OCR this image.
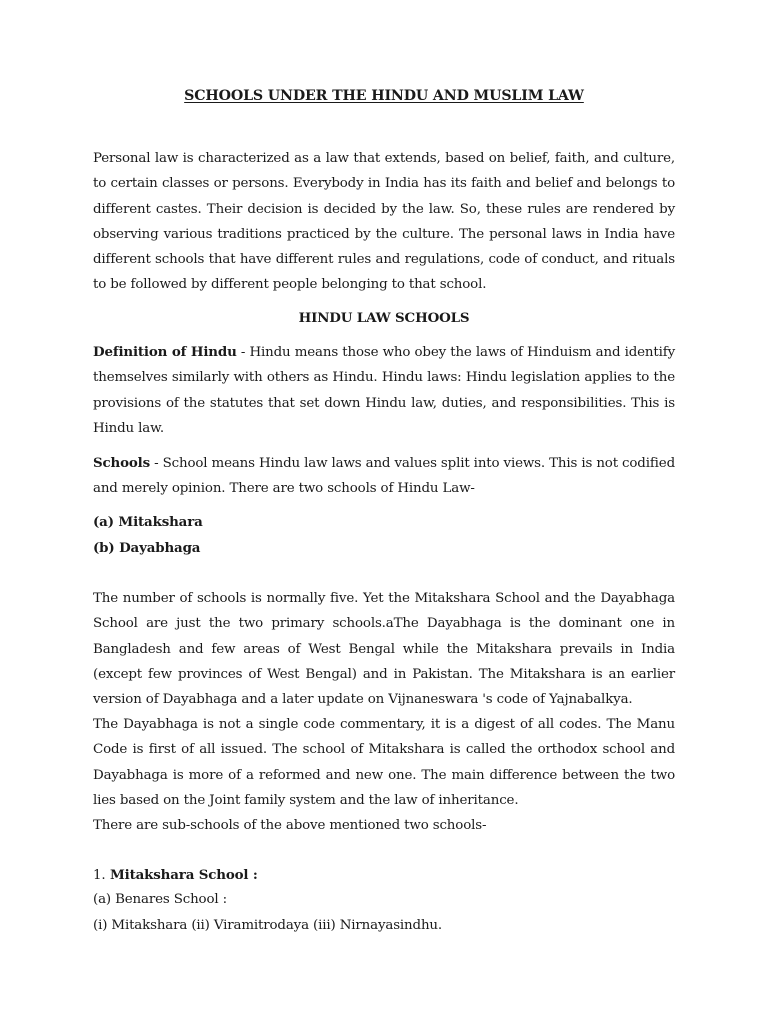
SCHOOLS UNDER THE HINDU AND MUSLIM LAW

Personal law is characterized as a law that extends, based on belief, faith, and culture, to certain classes or persons. Everybody in India has its faith and belief and belongs to different castes. Their decision is decided by the law. So, these rules are rendered by observing various traditions practiced by the culture. The personal laws in India have different schools that have different rules and regulations, code of conduct, and rituals to be followed by different people belonging to that school.

HINDU LAW SCHOOLS

Definition of Hindu - Hindu means those who obey the laws of Hinduism and identify themselves similarly with others as Hindu. Hindu laws: Hindu legislation applies to the provisions of the statutes that set down Hindu law, duties, and responsibilities. This is Hindu law.

Schools - School means Hindu law laws and values split into views. This is not codified and merely opinion. There are two schools of Hindu Law-

(a) Mitakshara

(b) Dayabhaga

The number of schools is normally five. Yet the Mitakshara School and the Dayabhaga School are just the two primary schools.aThe Dayabhaga is the dominant one in Bangladesh and few areas of West Bengal while the Mitakshara prevails in India (except few provinces of West Bengal) and in Pakistan. The Mitakshara is an earlier version of Dayabhaga and a later update on Vijnaneswara 's code of Yajnabalkya.

The Dayabhaga is not a single code commentary, it is a digest of all codes. The Manu Code is first of all issued. The school of Mitakshara is called the orthodox school and Dayabhaga is more of a reformed and new one. The main difference between the two lies based on the Joint family system and the law of inheritance.

There are sub-schools of the above mentioned two schools-

1. Mitakshara School :

(a) Benares School :

(i) Mitakshara (ii) Viramitrodaya (iii) Nirnayasindhu.
